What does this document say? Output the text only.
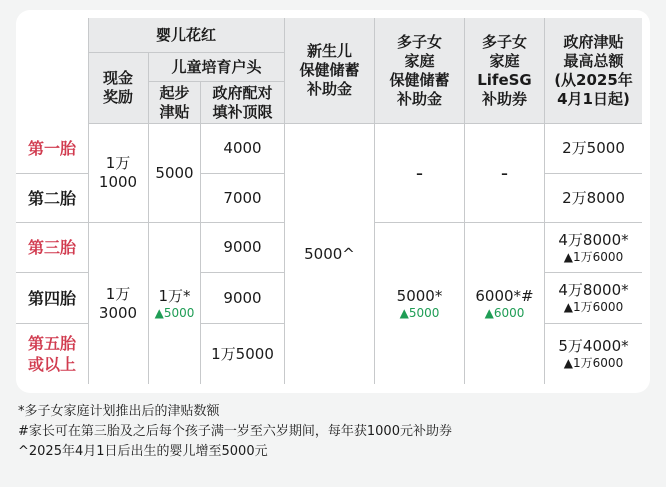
婴儿花红
现金
奖励
儿童培育户头
起步
津贴
政府配对
填补顶限
新生儿
保健储蓄
补助金
多子女
家庭
保健储蓄
补助金
多子女
家庭
LifeSG
补助券
政府津贴
最高总额
(从2025年
4月1日起)
第一胎
第二胎
第三胎
第四胎
第五胎
或以上
1万
1000
1万
3000
5000
1万*
▲5000
4000
7000
9000
9000
1万5000
5000^
-
5000*
▲5000
-
6000*#
▲6000
2万5000
2万8000
4万8000*
▲1万6000
4万8000*
▲1万6000
5万4000*
▲1万6000
*多子女家庭计划推出后的津贴数额
#家长可在第三胎及之后每个孩子满一岁至六岁期间，每年获1000元补助券
^2025年4月1日后出生的婴儿增至5000元
